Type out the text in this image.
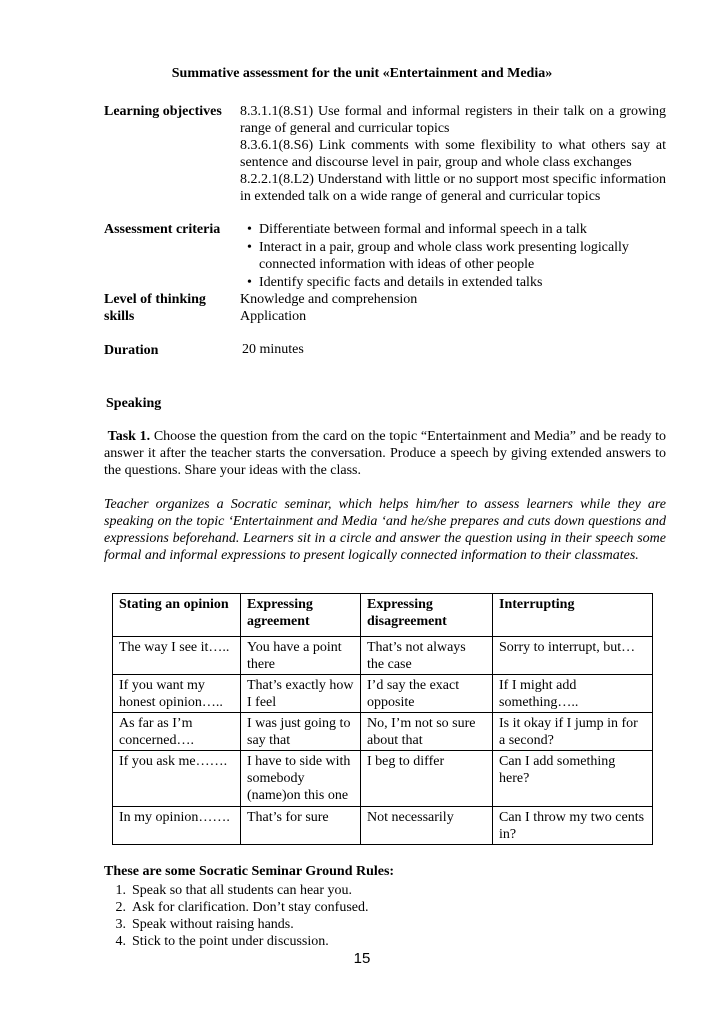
Summative assessment for the unit «Entertainment and Media»
Learning objectives 8.3.1.1(8.S1) Use formal and informal registers in their talk on a growing range of general and curricular topics
8.3.6.1(8.S6) Link comments with some flexibility to what others say at sentence and discourse level in pair, group and whole class exchanges
8.2.2.1(8.L2) Understand with little or no support most specific information in extended talk on a wide range of general and curricular topics
Assessment criteria • Differentiate between formal and informal speech in a talk
• Interact in a pair, group and whole class work presenting logically connected information with ideas of other people
• Identify specific facts and details in extended talks
Level of thinking skills
Knowledge and comprehension
Application
Duration	20 minutes
Speaking
Task 1. Choose the question from the card on the topic “Entertainment and Media” and be ready to answer it after the teacher starts the conversation. Produce a speech by giving extended answers to the questions. Share your ideas with the class.
Teacher organizes a Socratic seminar, which helps him/her to assess learners while they are speaking on the topic ‘Entertainment and Media ‘and he/she prepares and cuts down questions and expressions beforehand. Learners sit in a circle and answer the question using in their speech some formal and informal expressions to present logically connected information to their classmates.
Stating an opinion	Expressing agreement	Expressing disagreement	Interrupting
The way I see it…..	You have a point there	That’s not always the case	Sorry to interrupt, but…
If you want my honest opinion…..	That’s exactly how I feel	I’d say the exact opposite	If I might add something…..
As far as I’m concerned….	I was just going to say that	No, I’m not so sure about that	Is it okay if I jump in for a second?
If you ask me…….	I have to side with somebody (name)on this one	I beg to differ	Can I add something here?
In my opinion…….	That’s for sure	Not necessarily	Can I throw my two cents in?
These are some Socratic Seminar Ground Rules:
1. Speak so that all students can hear you.
2. Ask for clarification. Don’t stay confused.
3. Speak without raising hands.
4. Stick to the point under discussion.
15
